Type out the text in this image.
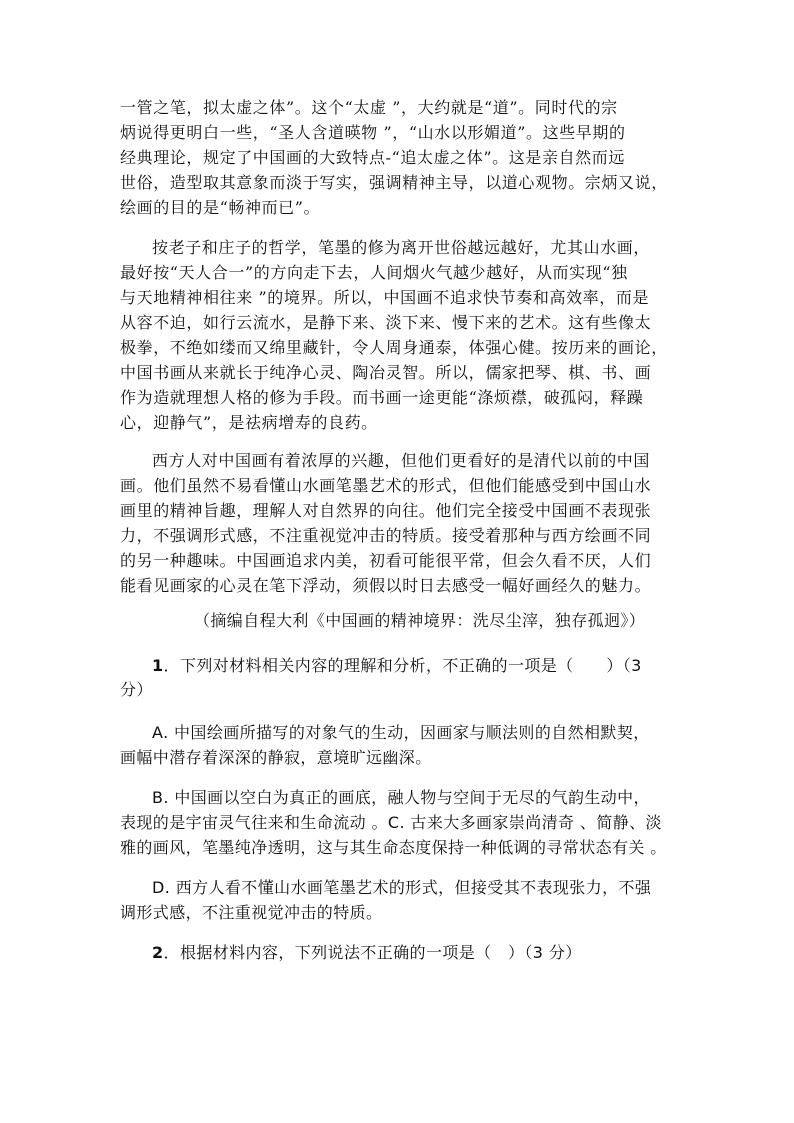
一管之笔，拟太虚之体”。这个“太虚 ”，大约就是“道”。同时代的宗
炳说得更明白一些，“圣人含道暎物 ”，“山水以形媚道”。这些早期的
经典理论，规定了中国画的大致特点-“追太虚之体”。这是亲自然而远
世俗，造型取其意象而淡于写实，强调精神主导，以道心观物。宗炳又说，
绘画的目的是“畅神而已”。
按老子和庄子的哲学，笔墨的修为离开世俗越远越好，尤其山水画，
最好按“天人合一”的方向走下去，人间烟火气越少越好，从而实现“独
与天地精神相往来 ”的境界。所以，中国画不追求快节奏和高效率，而是
从容不迫，如行云流水，是静下来、淡下来、慢下来的艺术。这有些像太
极拳，不绝如缕而又绵里藏针，令人周身通泰，体强心健。按历来的画论，
中国书画从来就长于纯净心灵、陶冶灵智。所以，儒家把琴、棋、书、画
作为造就理想人格的修为手段。而书画一途更能“涤烦襟，破孤闷，释躁
心，迎静气”，是祛病增寿的良药。
西方人对中国画有着浓厚的兴趣，但他们更看好的是清代以前的中国
画。他们虽然不易看懂山水画笔墨艺术的形式，但他们能感受到中国山水
画里的精神旨趣，理解人对自然界的向往。他们完全接受中国画不表现张
力，不强调形式感，不注重视觉冲击的特质。接受着那种与西方绘画不同
的另一种趣味。中国画追求内美，初看可能很平常，但会久看不厌，人们
能看见画家的心灵在笔下浮动，须假以时日去感受一幅好画经久的魅力。
（摘编自程大利《中国画的精神境界：洗尽尘滓，独存孤迥》）
1．下列对材料相关内容的理解和分析，不正确的一项是（　　）（3
分）
A. 中国绘画所描写的对象气的生动，因画家与顺法则的自然相默契，
画幅中潜存着深深的静寂，意境旷远幽深。
B. 中国画以空白为真正的画底，融人物与空间于无尽的气韵生动中，
表现的是宇宙灵气往来和生命流动 。C. 古来大多画家崇尚清奇 、简静、淡
雅的画风，笔墨纯净透明，这与其生命态度保持一种低调的寻常状态有关 。
D. 西方人看不懂山水画笔墨艺术的形式，但接受其不表现张力，不强
调形式感，不注重视觉冲击的特质。
2．根据材料内容，下列说法不正确的一项是（　）（3 分）
